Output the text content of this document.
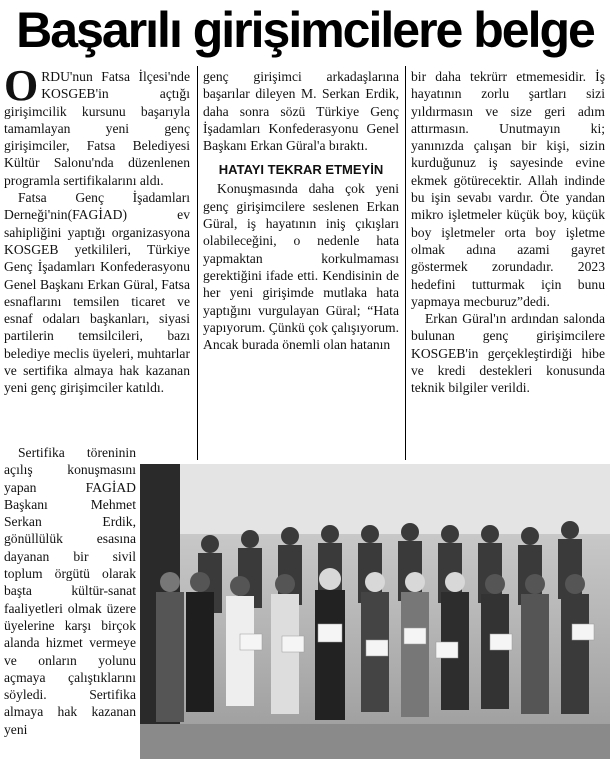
Başarılı girişimcilere belge

ORDU'nun Fatsa İlçesi'nde KOSGEB'in açtığı girişimcilik kursunu başarıyla tamamlayan yeni genç girişimciler, Fatsa Belediyesi Kültür Salonu'nda düzenlenen programla sertifikalarını aldı.

Fatsa Genç İşadamları Derneği'nin(FAGİAD) ev sahipliğini yaptığı organizasyona KOSGEB yetkilileri, Türkiye Genç İşadamları Konfederasyonu Genel Başkanı Erkan Güral, Fatsa esnaflarını temsilen ticaret ve esnaf odaları başkanları, siyasi partilerin temsilcileri, bazı belediye meclis üyeleri, muhtarlar ve sertifika almaya hak kazanan yeni genç girişimciler katıldı.

Sertifika töreninin açılış konuşmasını yapan FAGİAD Başkanı Mehmet Serkan Erdik, gönüllülük esasına dayanan bir sivil toplum örgütü olarak başta kültür-sanat faaliyetleri olmak üzere üyelerine karşı birçok alanda hizmet vermeye ve onların yolunu açmaya çalıştıklarını söyledi. Sertifika almaya hak kazanan yeni

genç girişimci arkadaşlarına başarılar dileyen M. Serkan Erdik, daha sonra sözü Türkiye Genç İşadamları Konfederasyonu Genel Başkanı Erkan Güral'a bıraktı.

HATAYI TEKRAR ETMEYİN

Konuşmasında daha çok yeni genç girişimcilere seslenen Erkan Güral, iş hayatının iniş çıkışları olabileceğini, o nedenle hata yapmaktan korkulmaması gerektiğini ifade etti. Kendisinin de her yeni girişimde mutlaka hata yaptığını vurgulayan Güral; “Hata yapıyorum. Çünkü çok çalışıyorum. Ancak burada önemli olan hatanın

bir daha tekrürr etmemesidir. İş hayatının zorlu şartları sizi yıldırmasın ve size geri adım attırmasın. Unutmayın ki; yanınızda çalışan bir kişi, sizin kurduğunuz iş sayesinde evine ekmek götürecektir. Allah indinde bu işin sevabı vardır. Öte yandan mikro işletmeler küçük boy, küçük boy işletmeler orta boy işletme olmak adına azami gayret göstermek zorundadır. 2023 hedefini tutturmak için bunu yapmaya mecburuz”dedi.

Erkan Güral'ın ardından salonda bulunan genç girişimcilere KOSGEB'in gerçekleştirdiği hibe ve kredi destekleri konusunda teknik bilgiler verildi.
